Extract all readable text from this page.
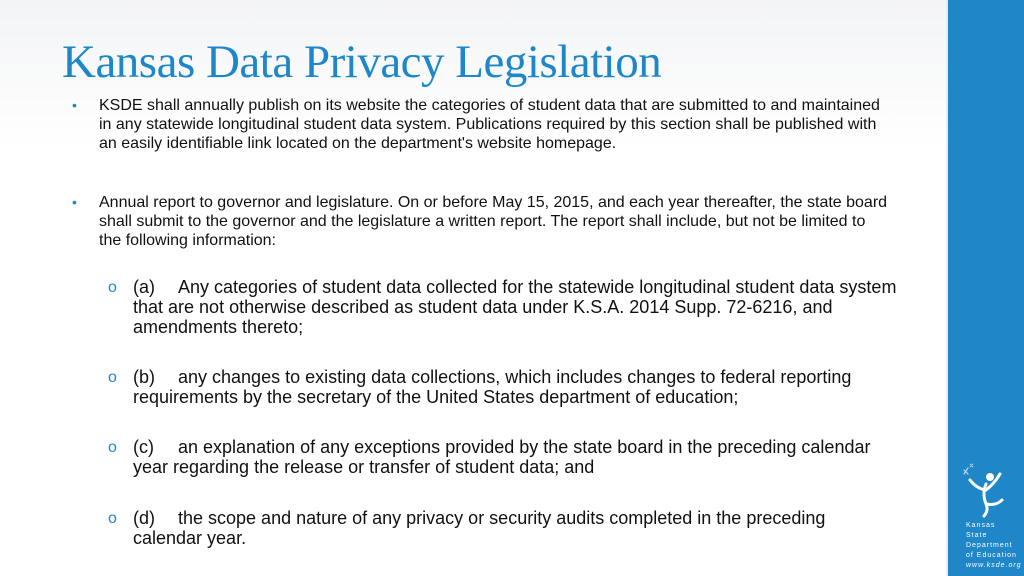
Kansas Data Privacy Legislation
• KSDE shall annually publish on its website the categories of student data that are submitted to and maintained in any statewide longitudinal student data system. Publications required by this section shall be published with an easily identifiable link located on the department's website homepage.
• Annual report to governor and legislature. On or before May 15, 2015, and each year thereafter, the state board shall submit to the governor and the legislature a written report. The report shall include, but not be limited to the following information:
o (a) Any categories of student data collected for the statewide longitudinal student data system that are not otherwise described as student data under K.S.A. 2014 Supp. 72-6216, and amendments thereto;
o (b) any changes to existing data collections, which includes changes to federal reporting requirements by the secretary of the United States department of education;
o (c) an explanation of any exceptions provided by the state board in the preceding calendar year regarding the release or transfer of student data; and
o (d) the scope and nature of any privacy or security audits completed in the preceding calendar year.
Kansas State
Department
of Education
www.ksde.org
